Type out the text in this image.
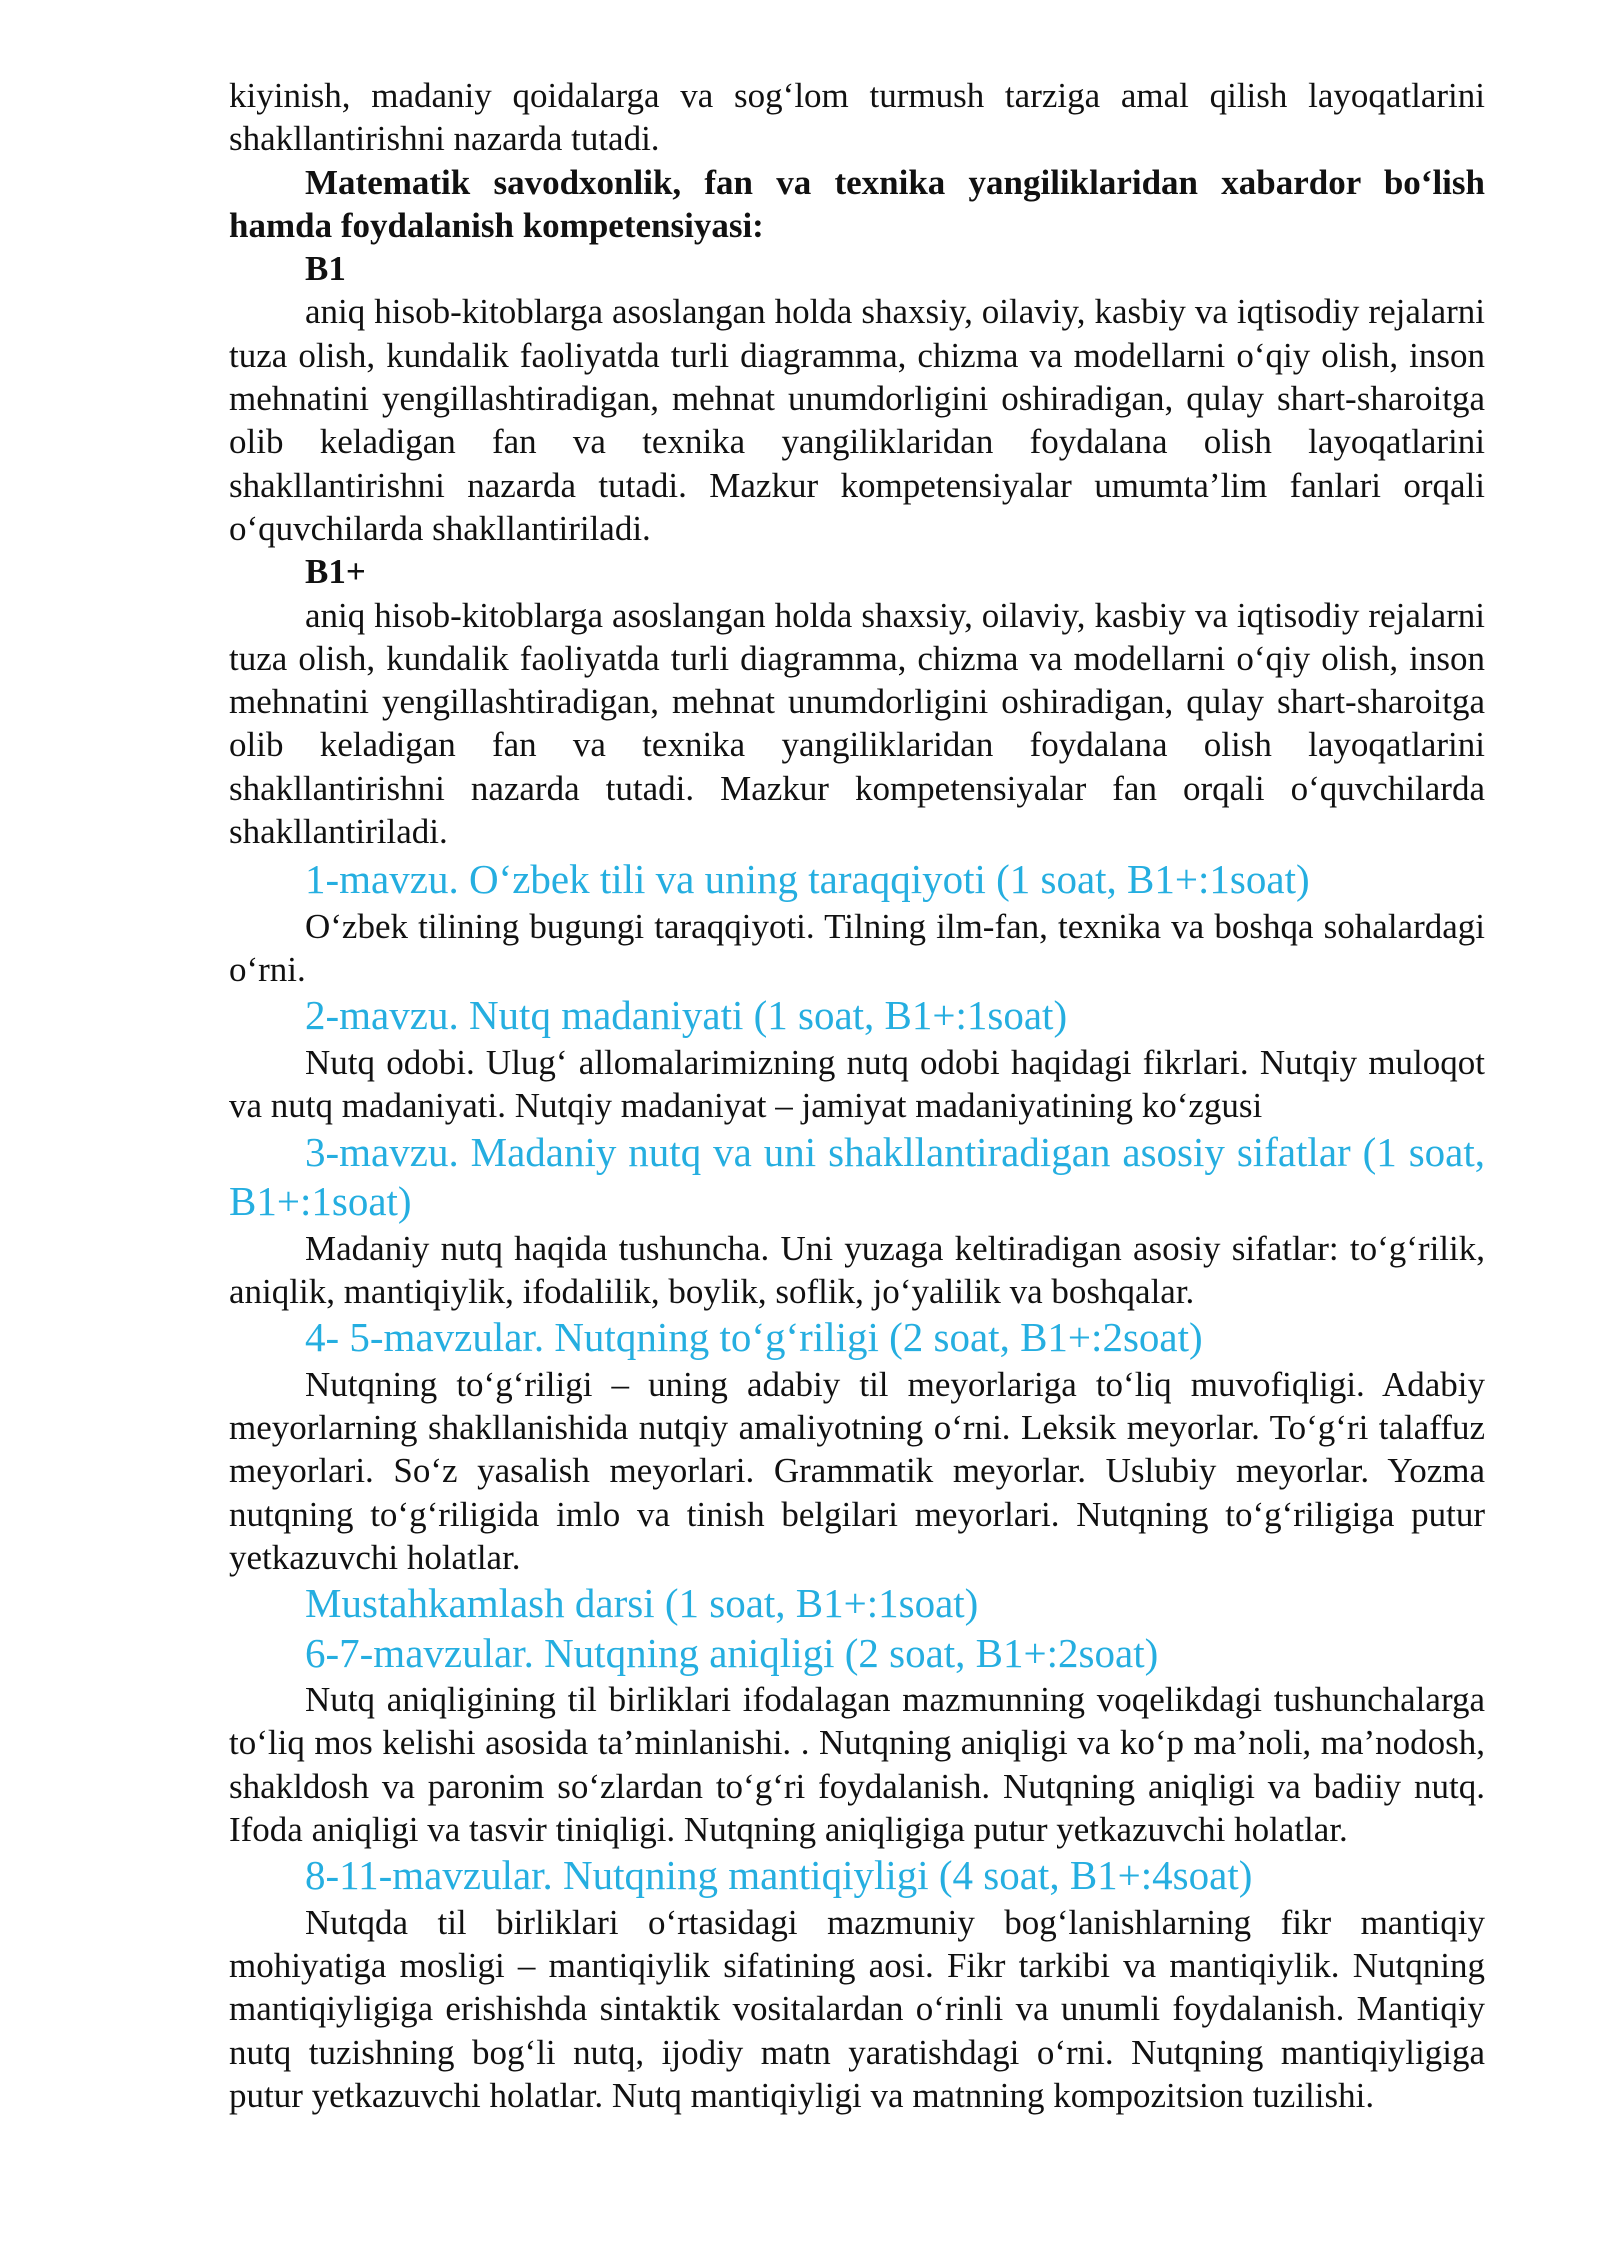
kiyinish, madaniy qoidalarga va sog‘lom turmush tarziga amal qilish layoqatlarini shakllantirishni nazarda tutadi.

Matematik savodxonlik, fan va texnika yangiliklaridan xabardor bo‘lish hamda foydalanish kompetensiyasi:

B1

aniq hisob-kitoblarga asoslangan holda shaxsiy, oilaviy, kasbiy va iqtisodiy rejalarni tuza olish, kundalik faoliyatda turli diagramma, chizma va modellarni o‘qiy olish, inson mehnatini yengillashtiradigan, mehnat unumdorligini oshiradigan, qulay shart-sharoitga olib keladigan fan va texnika yangiliklaridan foydalana olish layoqatlarini shakllantirishni nazarda tutadi. Mazkur kompetensiyalar umumta’lim fanlari orqali o‘quvchilarda shakllantiriladi.

B1+

aniq hisob-kitoblarga asoslangan holda shaxsiy, oilaviy, kasbiy va iqtisodiy rejalarni tuza olish, kundalik faoliyatda turli diagramma, chizma va modellarni o‘qiy olish, inson mehnatini yengillashtiradigan, mehnat unumdorligini oshiradigan, qulay shart-sharoitga olib keladigan fan va texnika yangiliklaridan foydalana olish layoqatlarini shakllantirishni nazarda tutadi. Mazkur kompetensiyalar fan orqali o‘quvchilarda shakllantiriladi.

1-mavzu. O‘zbek tili va uning taraqqiyoti (1 soat, B1+:1soat)

O‘zbek tilining bugungi taraqqiyoti. Tilning ilm-fan, texnika va boshqa sohalardagi o‘rni.

2-mavzu. Nutq madaniyati (1 soat, B1+:1soat)

Nutq odobi. Ulug‘ allomalarimizning nutq odobi haqidagi fikrlari. Nutqiy muloqot va nutq madaniyati. Nutqiy madaniyat – jamiyat madaniyatining ko‘zgusi

3-mavzu. Madaniy nutq va uni shakllantiradigan asosiy sifatlar (1 soat, B1+:1soat)

Madaniy nutq haqida tushuncha. Uni yuzaga keltiradigan asosiy sifatlar: to‘g‘rilik, aniqlik, mantiqiylik, ifodalilik, boylik, soflik, jo‘yalilik va boshqalar.

4- 5-mavzular. Nutqning to‘g‘riligi (2 soat, B1+:2soat)

Nutqning to‘g‘riligi – uning adabiy til meyorlariga to‘liq muvofiqligi. Adabiy meyorlarning shakllanishida nutqiy amaliyotning o‘rni. Leksik meyorlar. To‘g‘ri talaffuz meyorlari. So‘z yasalish meyorlari. Grammatik meyorlar. Uslubiy meyorlar. Yozma nutqning to‘g‘riligida imlo va tinish belgilari meyorlari. Nutqning to‘g‘riligiga putur yetkazuvchi holatlar.

Mustahkamlash darsi (1 soat, B1+:1soat)

6-7-mavzular. Nutqning aniqligi (2 soat, B1+:2soat)

Nutq aniqligining til birliklari ifodalagan mazmunning voqelikdagi tushunchalarga to‘liq mos kelishi asosida ta’minlanishi. . Nutqning aniqligi va ko‘p ma’noli, ma’nodosh, shakldosh va paronim so‘zlardan to‘g‘ri foydalanish. Nutqning aniqligi va badiiy nutq. Ifoda aniqligi va tasvir tiniqligi. Nutqning aniqligiga putur yetkazuvchi holatlar.

8-11-mavzular. Nutqning mantiqiyligi (4 soat, B1+:4soat)

Nutqda til birliklari o‘rtasidagi mazmuniy bog‘lanishlarning fikr mantiqiy mohiyatiga mosligi – mantiqiylik sifatining aosi. Fikr tarkibi va mantiqiylik. Nutqning mantiqiyligiga erishishda sintaktik vositalardan o‘rinli va unumli foydalanish. Mantiqiy nutq tuzishning bog‘li nutq, ijodiy matn yaratishdagi o‘rni. Nutqning mantiqiyligiga putur yetkazuvchi holatlar. Nutq mantiqiyligi va matnning kompozitsion tuzilishi.
